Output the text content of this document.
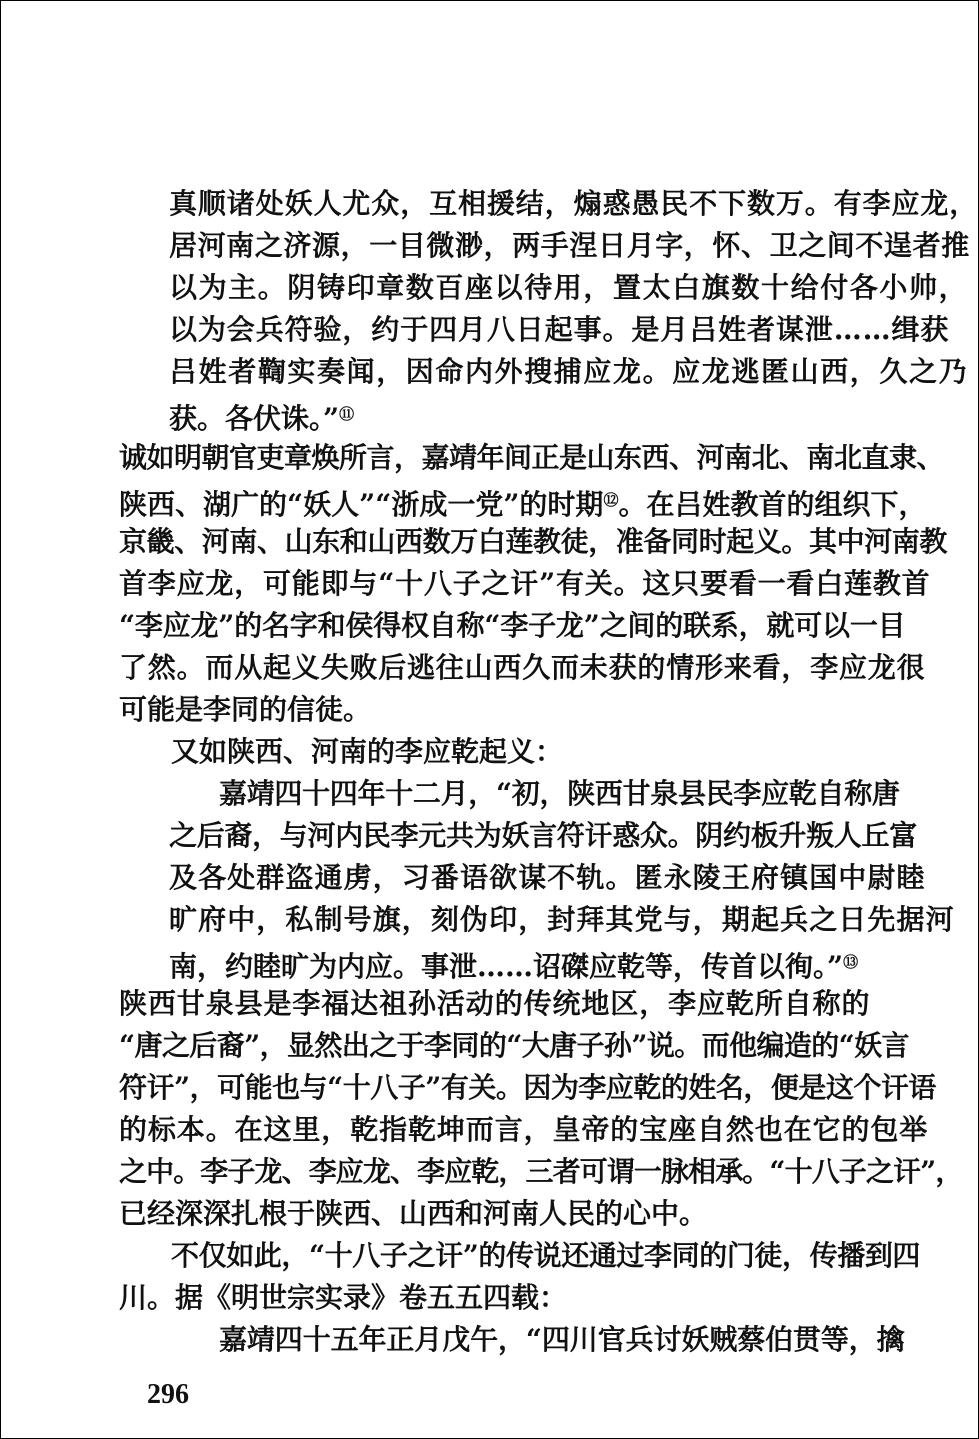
真顺诸处妖人尤众，互相援结，煽惑愚民不下数万。有李应龙，
居河南之济源，一目微渺，两手涅日月字，怀、卫之间不逞者推
以为主。阴铸印章数百座以待用，置太白旗数十给付各小帅，
以为会兵符验，约于四月八日起事。是月吕姓者谋泄……缉获
吕姓者鞫实奏闻，因命内外搜捕应龙。应龙逃匿山西，久之乃
获。各伏诛。”⑪
诚如明朝官吏章焕所言，嘉靖年间正是山东西、河南北、南北直隶、
陕西、湖广的“妖人”“浙成一党”的时期⑫。在吕姓教首的组织下，
京畿、河南、山东和山西数万白莲教徒，准备同时起义。其中河南教
首李应龙，可能即与“十八子之讦”有关。这只要看一看白莲教首
“李应龙”的名字和侯得权自称“李子龙”之间的联系，就可以一目
了然。而从起义失败后逃往山西久而未获的情形来看，李应龙很
可能是李同的信徒。
又如陕西、河南的李应乾起义：
嘉靖四十四年十二月，“初，陕西甘泉县民李应乾自称唐
之后裔，与河内民李元共为妖言符讦惑众。阴约板升叛人丘富
及各处群盗通虏，习番语欲谋不轨。匿永陵王府镇国中尉睦
旷府中，私制号旗，刻伪印，封拜其党与，期起兵之日先据河
南，约睦旷为内应。事泄……诏磔应乾等，传首以徇。”⑬
陕西甘泉县是李福达祖孙活动的传统地区，李应乾所自称的
“唐之后裔”，显然出之于李同的“大唐子孙”说。而他编造的“妖言
符讦”，可能也与“十八子”有关。因为李应乾的姓名，便是这个讦语
的标本。在这里，乾指乾坤而言，皇帝的宝座自然也在它的包举
之中。李子龙、李应龙、李应乾，三者可谓一脉相承。“十八子之讦”，
已经深深扎根于陕西、山西和河南人民的心中。
不仅如此，“十八子之讦”的传说还通过李同的门徒，传播到四
川。据《明世宗实录》卷五五四载：
嘉靖四十五年正月戊午，“四川官兵讨妖贼蔡伯贯等，擒
296
